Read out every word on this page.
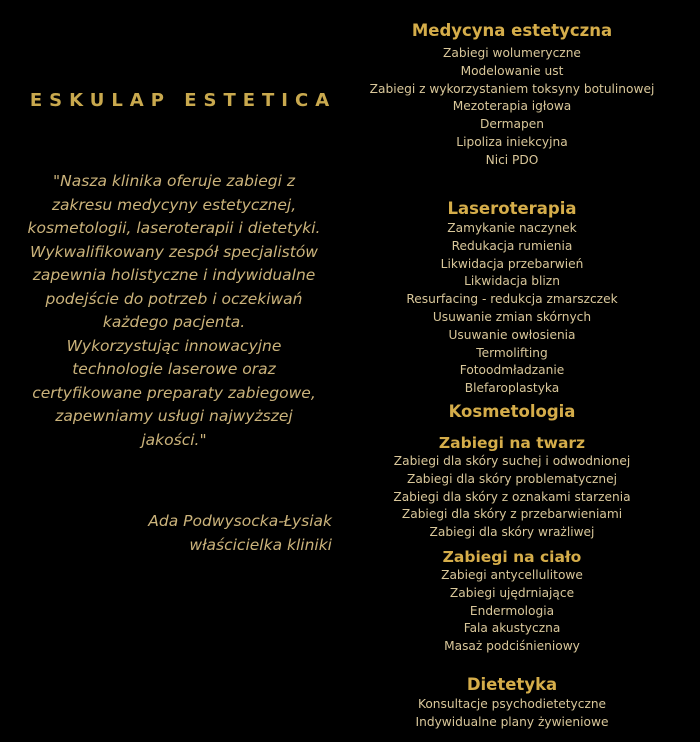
ESKULAP ESTETICA

"Nasza klinika oferuje zabiegi z

zakresu medycyny estetycznej,

kosmetologii, laseroterapii i dietetyki.

Wykwalifikowany zespół specjalistów

zapewnia holistyczne i indywidualne

podejście do potrzeb i oczekiwań

każdego pacjenta.

Wykorzystując innowacyjne

technologie laserowe oraz

certyfikowane preparaty zabiegowe,

zapewniamy usługi najwyższej

jakości."

Ada Podwysocka-Łysiak
właścicielka kliniki
Medycyna estetyczna
Zabiegi wolumeryczne
Modelowanie ust
Zabiegi z wykorzystaniem toksyny botulinowej
Mezoterapia igłowa
Dermapen
Lipoliza iniekcyjna
Nici PDO
Laseroterapia
Zamykanie naczynek
Redukacja rumienia
Likwidacja przebarwień
Likwidacja blizn
Resurfacing - redukcja zmarszczek
Usuwanie zmian skórnych
Usuwanie owłosienia
Termolifting
Fotoodmładzanie
Blefaroplastyka
Kosmetologia
Zabiegi na twarz
Zabiegi dla skóry suchej i odwodnionej
Zabiegi dla skóry problematycznej
Zabiegi dla skóry z oznakami starzenia
Zabiegi dla skóry z przebarwieniami
Zabiegi dla skóry wrażliwej
Zabiegi na ciało
Zabiegi antycellulitowe
Zabiegi ujędrniające
Endermologia
Fala akustyczna
Masaż podciśnieniowy
Dietetyka
Konsultacje psychodietetyczne
Indywidualne plany żywieniowe
